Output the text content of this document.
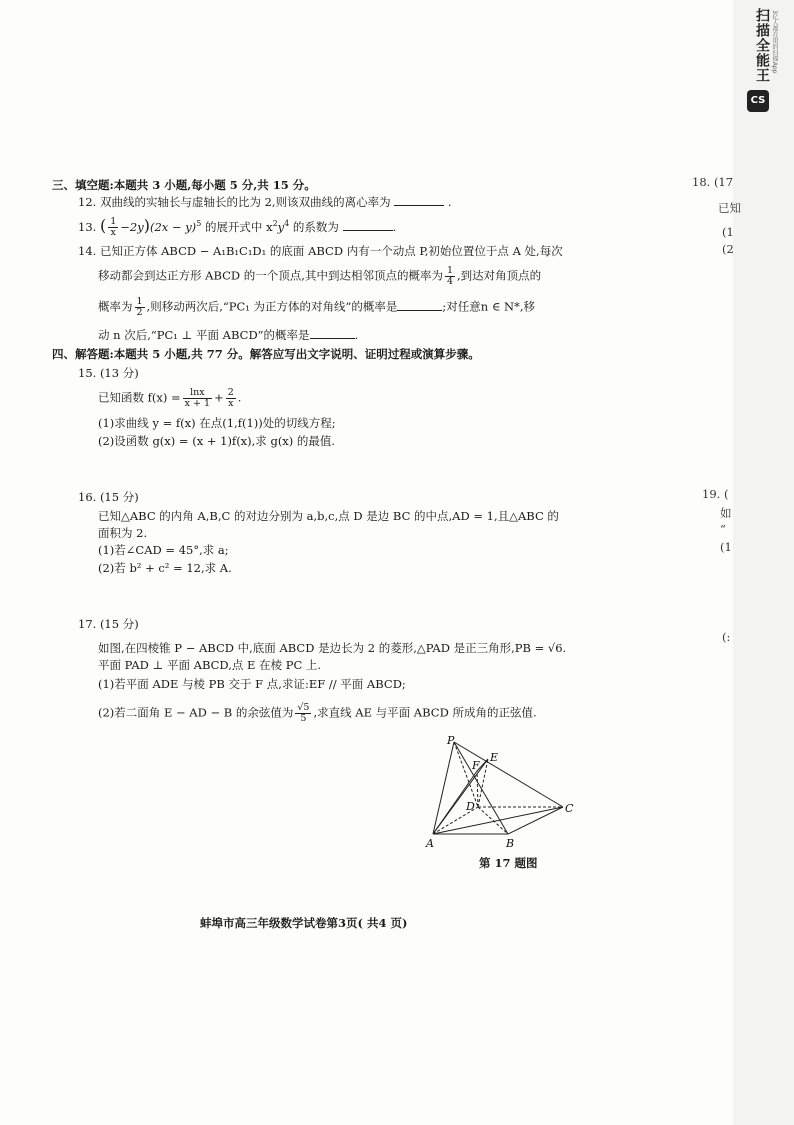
扫描全能王 3亿人都在用的扫描App
CS
18. (17
已知
(1
(2
19. (
如
“
(1
(:
三、填空题:本题共 3 小题,每小题 5 分,共 15 分。
12. 双曲线的实轴长与虚轴长的比为 2,则该双曲线的离心率为	.
13. ( $\frac{1}{x} -2y)(2x - y)^5$ 的展开式中 $x^2y^4$ 的系数为	.
14. 已知正方体 ABCD − A₁B₁C₁D₁ 的底面 ABCD 内有一个动点 P,初始位置位于点 A 处,每次
移动都会到达正方形 ABCD 的一个顶点,其中到达相邻顶点的概率为 $\frac{1}{4}$ ,到达对角顶点的
概率为 $\frac{1}{2}$ ,则移动两次后,“PC₁ 为正方体的对角线”的概率是	;对任意n ∈ N*,移
动 n 次后,“PC₁ ⊥ 平面 ABCD”的概率是	.
四、解答题:本题共 5 小题,共 77 分。解答应写出文字说明、证明过程或演算步骤。
15. (13 分)
已知函数 $f(x) = \frac{\ln x}{x + 1} + \frac{2}{x}$ .
(1)求曲线 y = f(x) 在点(1,f(1))处的切线方程;
(2)设函数 g(x) = (x + 1)f(x),求 g(x) 的最值.
16. (15 分)
已知△ABC 的内角 A,B,C 的对边分别为 a,b,c,点 D 是边 BC 的中点,AD = 1,且△ABC 的
面积为 2.
(1)若∠CAD = 45°,求 a;
(2)若 b² + c² = 12,求 A.
17. (15 分)
如图,在四棱锥 P − ABCD 中,底面 ABCD 是边长为 2 的菱形,△PAD 是正三角形,PB = √6.
平面 PAD ⊥ 平面 ABCD,点 E 在棱 PC 上.
(1)若平面 ADE 与棱 PB 交于 F 点,求证:EF // 平面 ABCD;
(2)若二面角 E − AD − B 的余弦值为 $\frac{√5}{5}$ ,求直线 AE 与平面 ABCD 所成角的正弦值.
P
E
F
D	C
A	B
第 17 题图
蚌埠市高三年级数学试卷第3页( 共4 页)
